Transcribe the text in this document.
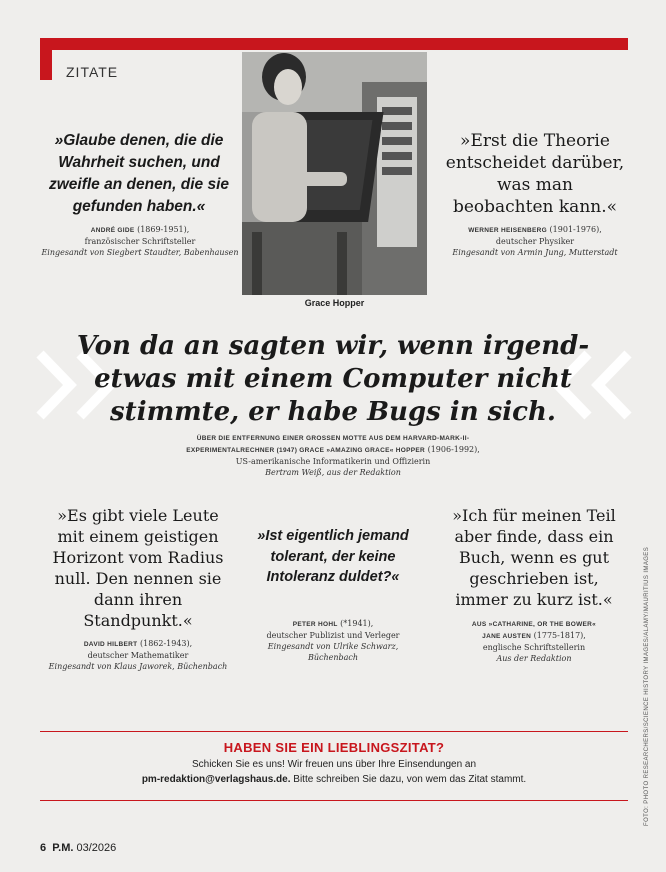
ZITATE
Grace Hopper
»Glaube denen, die die Wahrheit suchen, und zweifle an denen, die sie gefunden haben.«
ANDRÉ GIDE (1869-1951),
französischer Schriftsteller
Eingesandt von Siegbert Staudter, Babenhausen
»Erst die Theorie entscheidet darüber, was man beobachten kann.«
WERNER HEISENBERG (1901-1976),
deutscher Physiker
Eingesandt von Armin Jung, Mutterstadt
Von da an sagten wir, wenn irgend-etwas mit einem Computer nicht stimmte, er habe Bugs in sich.
ÜBER DIE ENTFERNUNG EINER GROSSEN MOTTE AUS DEM HARVARD-MARK-II-
EXPERIMENTALRECHNER (1947) GRACE »AMAZING GRACE« HOPPER (1906-1992),
US-amerikanische Informatikerin und Offizierin
Bertram Weiß, aus der Redaktion
»Es gibt viele Leute mit einem geistigen Horizont vom Radius null. Den nennen sie dann ihren Standpunkt.«
DAVID HILBERT (1862-1943),
deutscher Mathematiker
Eingesandt von Klaus Jaworek, Büchenbach
»Ist eigentlich jemand tolerant, der keine Intoleranz duldet?«
PETER HOHL (*1941),
deutscher Publizist und Verleger
Eingesandt von Ulrike Schwarz, Büchenbach
»Ich für meinen Teil aber finde, dass ein Buch, wenn es gut geschrieben ist, immer zu kurz ist.«
AUS »CATHARINE, OR THE BOWER«
JANE AUSTEN (1775-1817),
englische Schriftstellerin
Aus der Redaktion
HABEN SIE EIN LIEBLINGSZITAT?
Schicken Sie es uns! Wir freuen uns über Ihre Einsendungen an
pm-redaktion@verlagshaus.de. Bitte schreiben Sie dazu, von wem das Zitat stammt.
6 P.M. 03/2026
FOTO: PHOTO RESEARCHERS/SCIENCE HISTORY IMAGES/ALAMY/MAURITIUS IMAGES
